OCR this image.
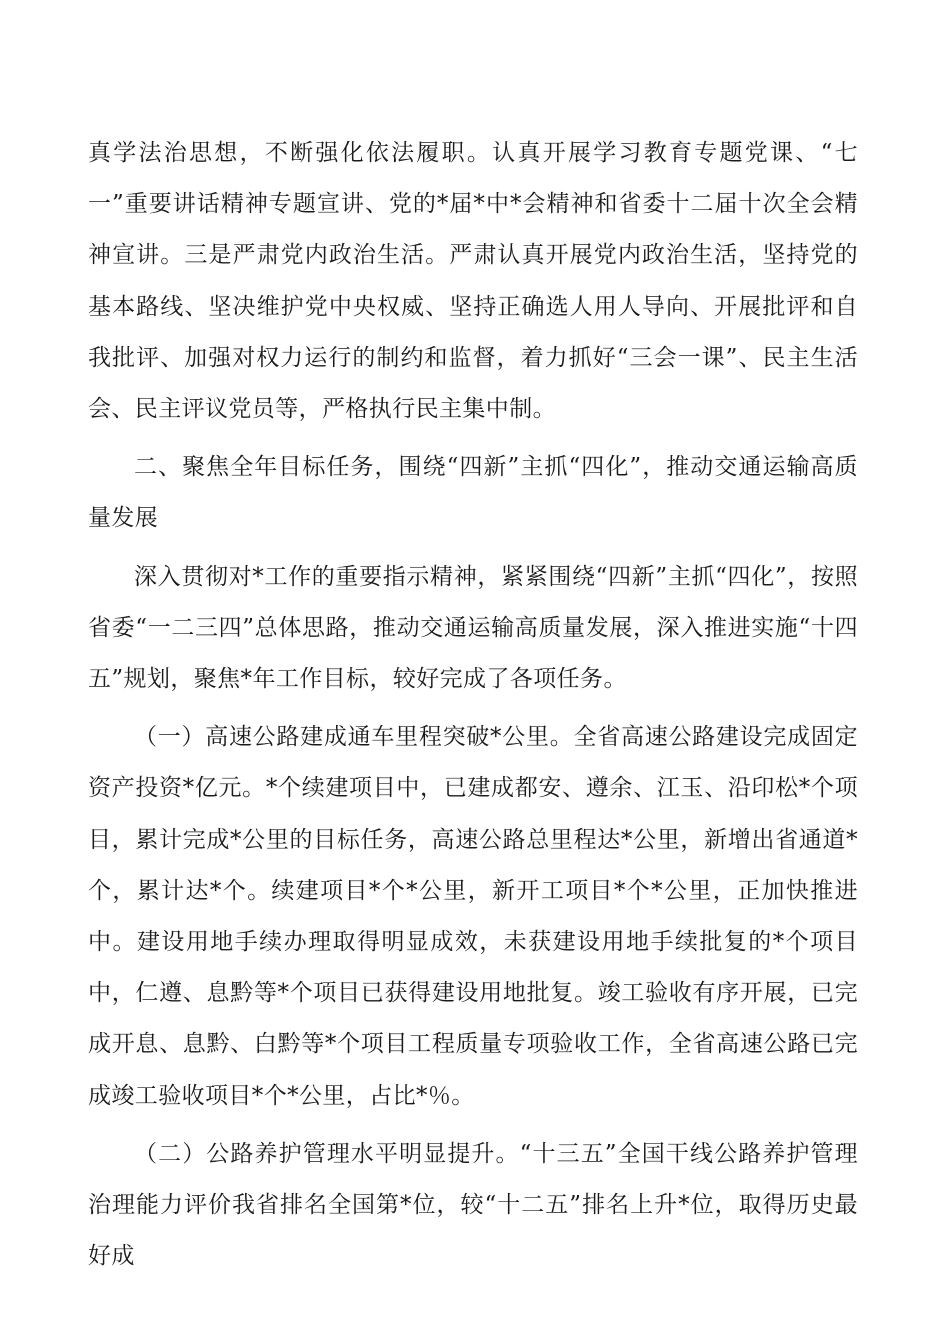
真学法治思想，不断强化依法履职。认真开展学习教育专题党课、“七一”重要讲话精神专题宣讲、党的*届*中*会精神和省委十二届十次全会精神宣讲。三是严肃党内政治生活。严肃认真开展党内政治生活，坚持党的基本路线、坚决维护党中央权威、坚持正确选人用人导向、开展批评和自我批评、加强对权力运行的制约和监督，着力抓好“三会一课”、民主生活会、民主评议党员等，严格执行民主集中制。

二、聚焦全年目标任务，围绕“四新”主抓“四化”，推动交通运输高质量发展

深入贯彻对*工作的重要指示精神，紧紧围绕“四新”主抓“四化”，按照省委“一二三四”总体思路，推动交通运输高质量发展，深入推进实施“十四五”规划，聚焦*年工作目标，较好完成了各项任务。

（一）高速公路建成通车里程突破*公里。全省高速公路建设完成固定资产投资*亿元。*个续建项目中，已建成都安、遵余、江玉、沿印松*个项目，累计完成*公里的目标任务，高速公路总里程达*公里，新增出省通道*个，累计达*个。续建项目*个*公里，新开工项目*个*公里，正加快推进中。建设用地手续办理取得明显成效，未获建设用地手续批复的*个项目中，仁遵、息黔等*个项目已获得建设用地批复。竣工验收有序开展，已完成开息、息黔、白黔等*个项目工程质量专项验收工作，全省高速公路已完成竣工验收项目*个*公里，占比*％。

（二）公路养护管理水平明显提升。“十三五”全国干线公路养护管理治理能力评价我省排名全国第*位，较“十二五”排名上升*位，取得历史最好成
